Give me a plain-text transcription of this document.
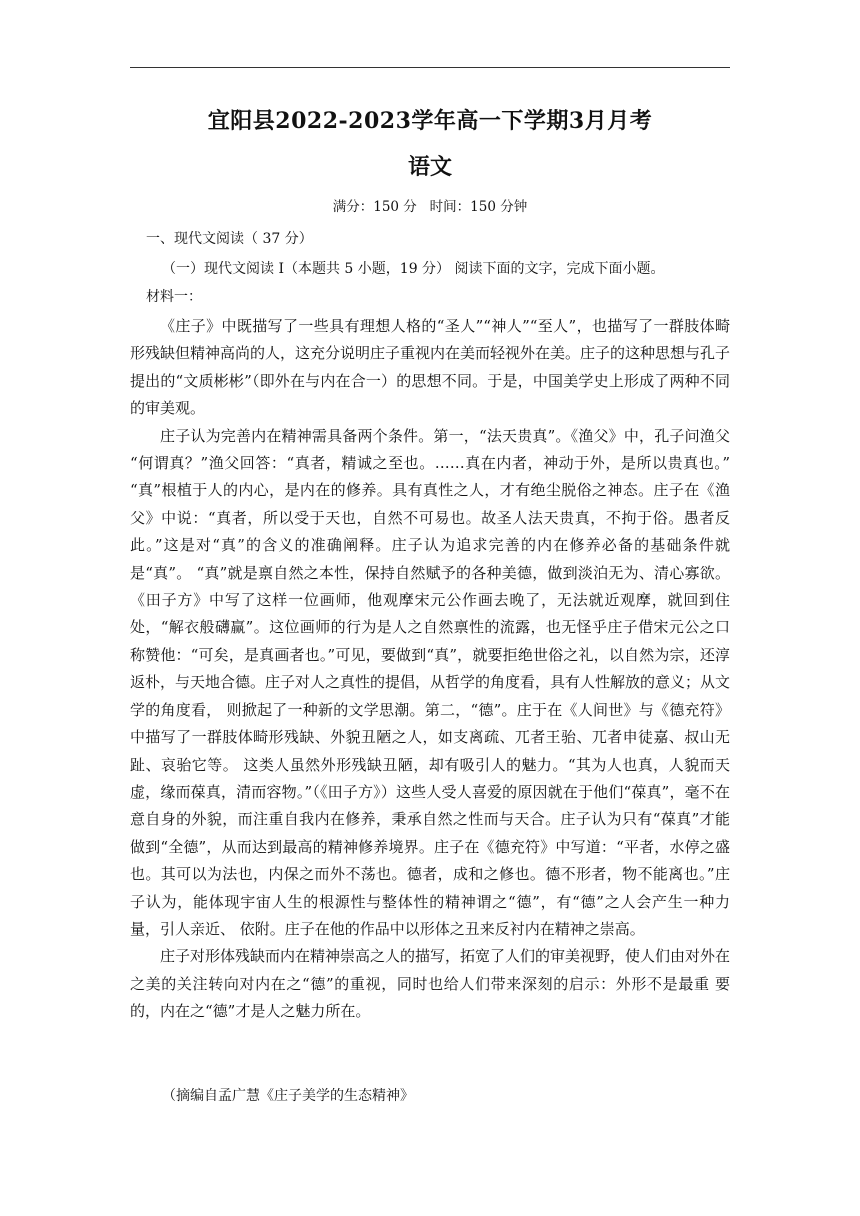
宜阳县2022-2023学年高一下学期3月月考
语文
满分：150 分   时间：150 分钟
一、现代文阅读（ 37 分）
（一）现代文阅读 I（本题共 5 小题，19 分） 阅读下面的文字，完成下面小题。
材料一：

《庄子》中既描写了一些具有理想人格的“圣人”“神人”“至人”，也描写了一群肢体畸形残缺但精神高尚的人，这充分说明庄子重视内在美而轻视外在美。庄子的这种思想与孔子提出的“文质彬彬”（即外在与内在合一）的思想不同。于是，中国美学史上形成了两种不同的审美观。

庄子认为完善内在精神需具备两个条件。第一，“法天贵真”。《渔父》中，孔子问渔父 “何谓真？”渔父回答：“真者，精诚之至也。……真在内者，神动于外，是所以贵真也。” “真”根植于人的内心，是内在的修养。具有真性之人，才有绝尘脱俗之神态。庄子在《渔父》中说：“真者，所以受于天也，自然不可易也。故圣人法天贵真，不拘于俗。愚者反此。”这是对“真”的含义的准确阐释。庄子认为追求完善的内在修养必备的基础条件就是“真”。 “真”就是禀自然之本性，保持自然赋予的各种美德，做到淡泊无为、清心寡欲。《田子方》中写了这样一位画师，他观摩宋元公作画去晚了，无法就近观摩，就回到住处，“解衣般礴赢”。这位画师的行为是人之自然禀性的流露，也无怪乎庄子借宋元公之口称赞他：“可矣，是真画者也。”可见，要做到“真”，就要拒绝世俗之礼，以自然为宗，还淳返朴，与天地合德。庄子对人之真性的提倡，从哲学的角度看，具有人性解放的意义；从文学的角度看， 则掀起了一种新的文学思潮。第二，“德”。庄于在《人间世》与《德充符》中描写了一群肢体畸形残缺、外貌丑陋之人，如支离疏、兀者王骀、兀者申徒嘉、叔山无趾、哀骀它等。 这类人虽然外形残缺丑陋，却有吸引人的魅力。“其为人也真，人貌而天虚，缘而葆真，清而容物。”（《田子方》）这些人受人喜爱的原因就在于他们“葆真”，毫不在意自身的外貌，而注重自我内在修养，秉承自然之性而与天合。庄子认为只有“葆真”才能做到“全德”，从而达到最高的精神修养境界。庄子在《德充符》中写道：“平者，水停之盛也。其可以为法也，内保之而外不荡也。德者，成和之修也。德不形者，物不能离也。”庄子认为，能体现宇宙人生的根源性与整体性的精神谓之“德”，有“德”之人会产生一种力量，引人亲近、 依附。庄子在他的作品中以形体之丑来反衬内在精神之崇高。

庄子对形体残缺而内在精神崇高之人的描写，拓宽了人们的审美视野，使人们由对外在之美的关注转向对内在之“德”的重视，同时也给人们带来深刻的启示：外形不是最重 要的，内在之“德”才是人之魅力所在。

（摘编自孟广慧《庄子美学的生态精神》
